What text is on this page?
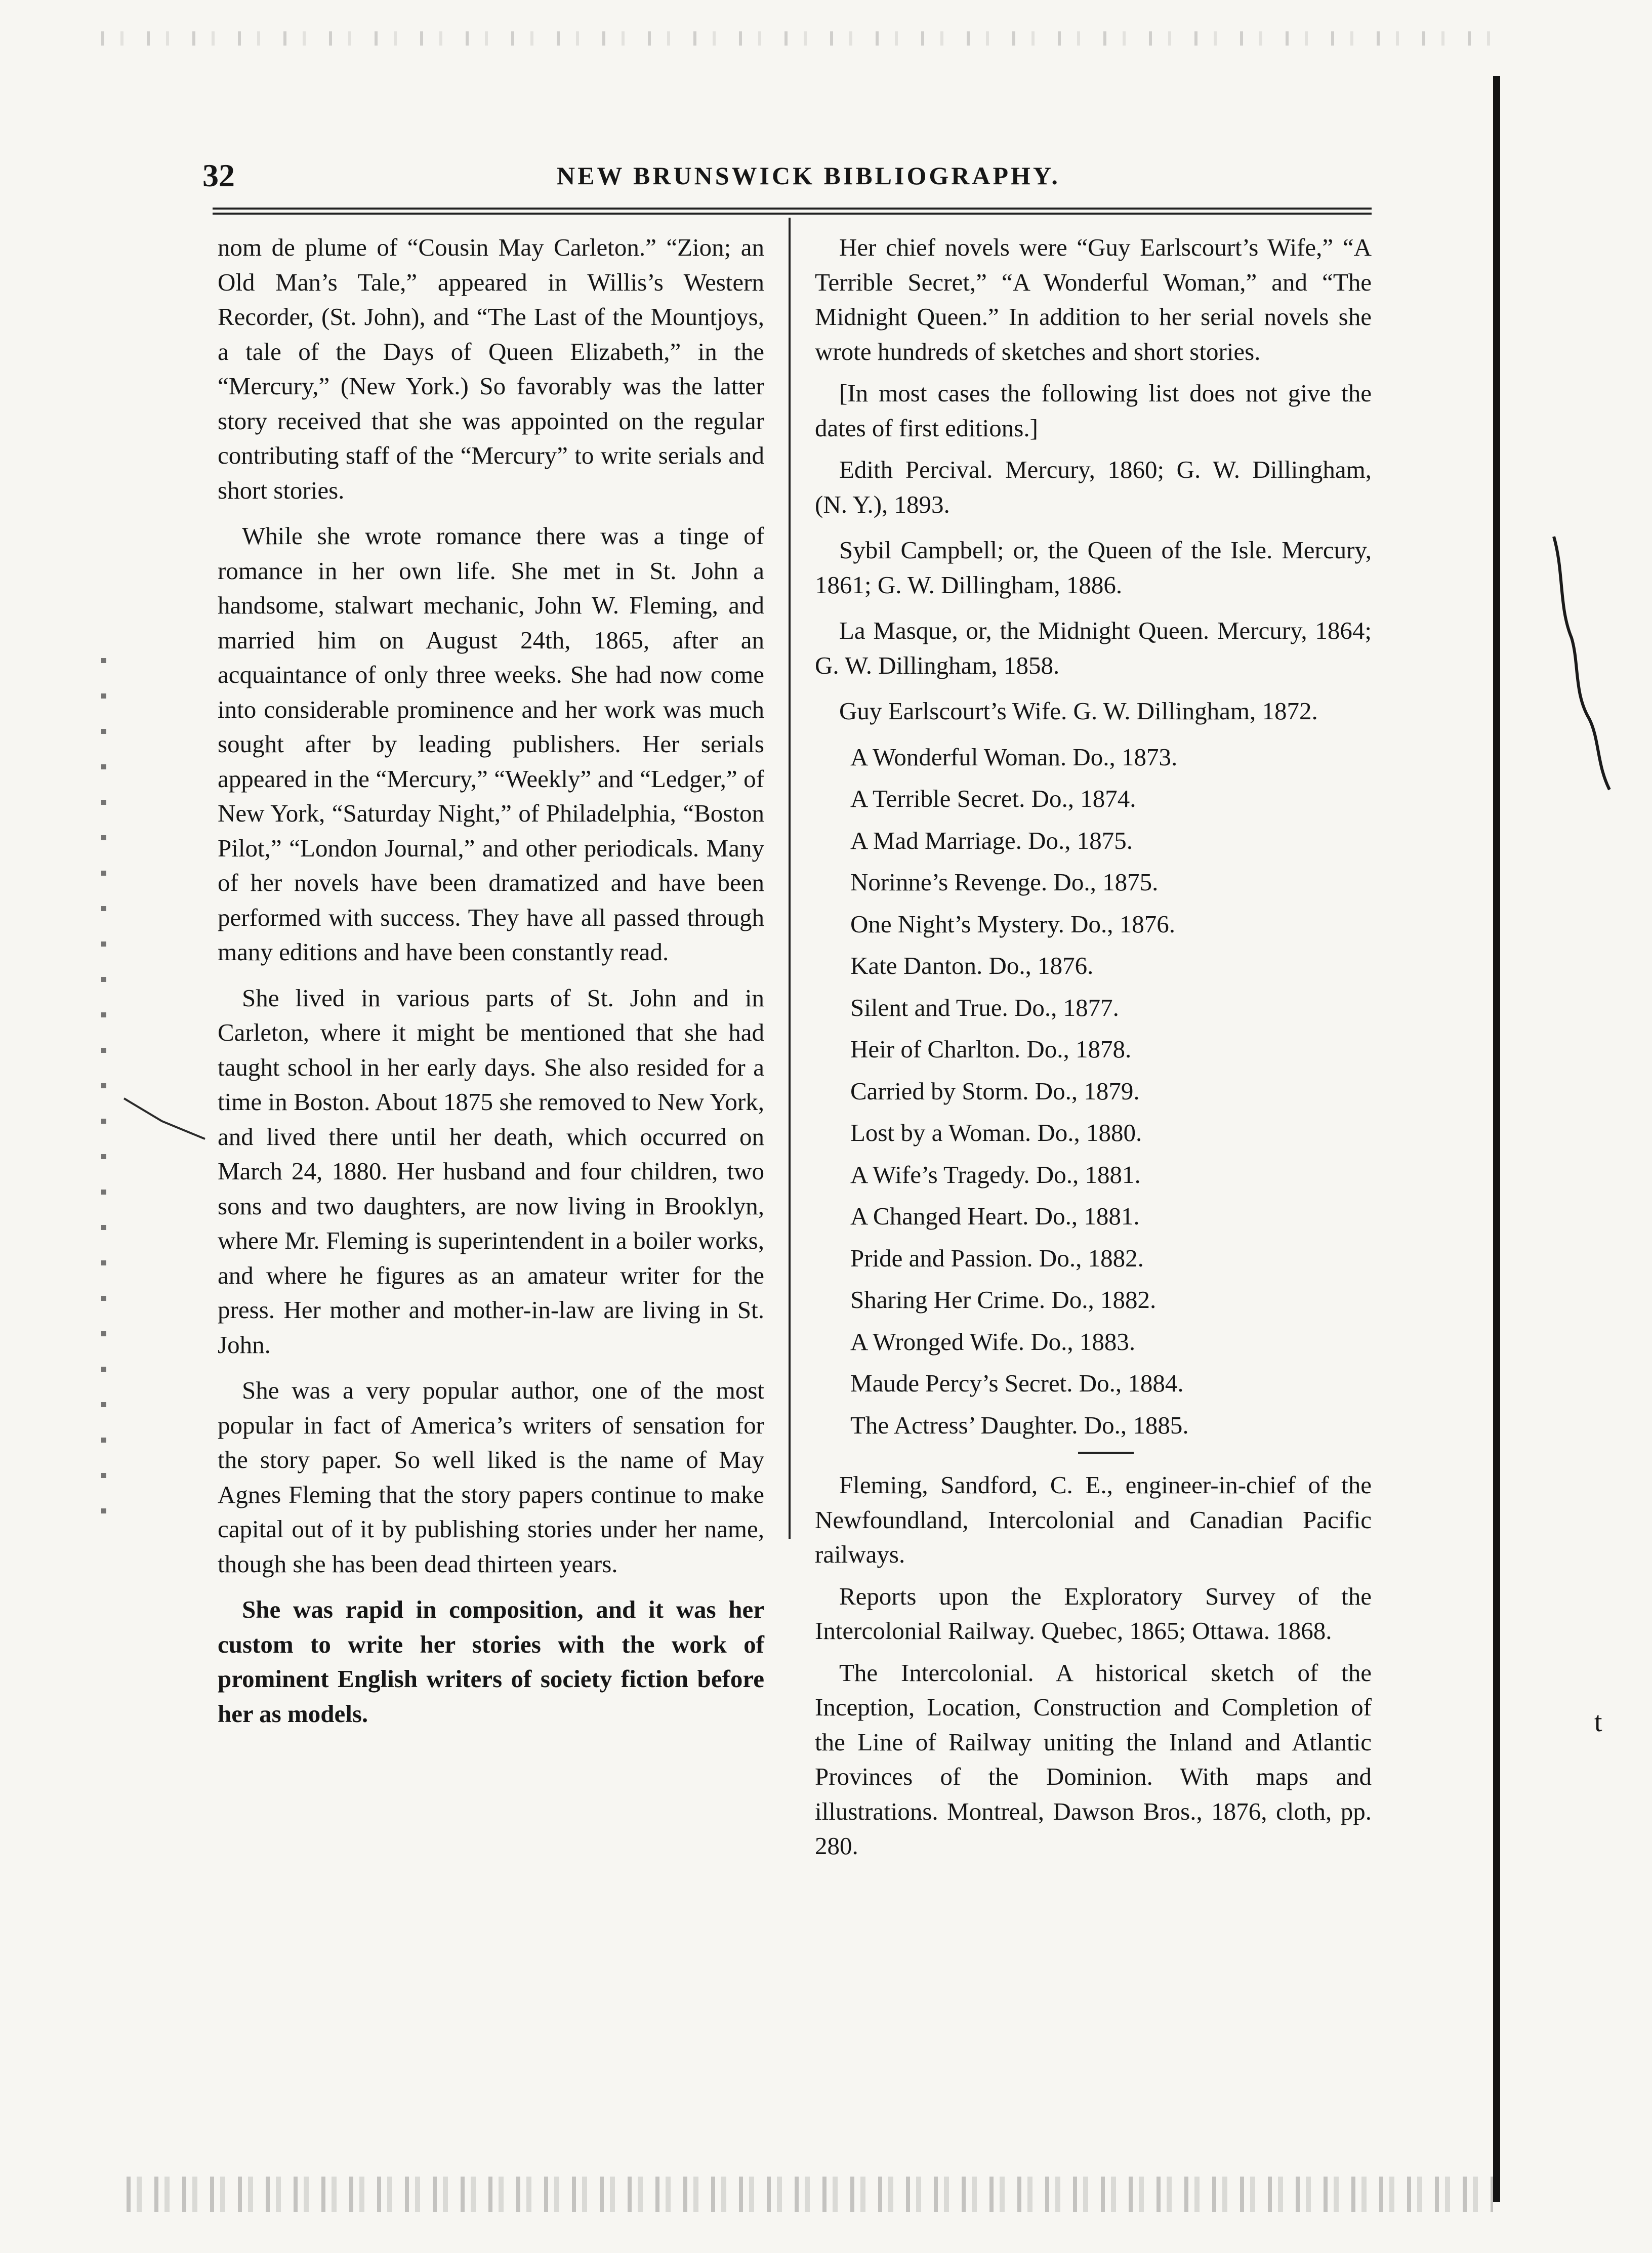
t
32	NEW BRUNSWICK BIBLIOGRAPHY.

nom de plume of “Cousin May Carleton.” “Zion; an Old Man’s Tale,” appeared in Willis’s Western Recorder, (St. John), and “The Last of the Mountjoys, a tale of the Days of Queen Elizabeth,” in the “Mercury,” (New York.) So favorably was the latter story received that she was appointed on the regular contributing staff of the “Mercury” to write serials and short stories.

While she wrote romance there was a tinge of romance in her own life. She met in St. John a handsome, stalwart mechanic, John W. Fleming, and married him on August 24th, 1865, after an acquaintance of only three weeks. She had now come into considerable prominence and her work was much sought after by leading publishers. Her serials appeared in the “Mercury,” “Weekly” and “Ledger,” of New York, “Saturday Night,” of Philadelphia, “Boston Pilot,” “London Journal,” and other periodicals. Many of her novels have been dramatized and have been performed with success. They have all passed through many editions and have been constantly read.

She lived in various parts of St. John and in Carleton, where it might be mentioned that she had taught school in her early days. She also resided for a time in Boston. About 1875 she removed to New York, and lived there until her death, which occurred on March 24, 1880. Her husband and four children, two sons and two daughters, are now living in Brooklyn, where Mr. Fleming is superintendent in a boiler works, and where he figures as an amateur writer for the press. Her mother and mother-in-law are living in St. John.

She was a very popular author, one of the most popular in fact of America’s writers of sensation for the story paper. So well liked is the name of May Agnes Fleming that the story papers continue to make capital out of it by publishing stories under her name, though she has been dead thirteen years.

She was rapid in composition, and it was her custom to write her stories with the work of prominent English writers of society fiction before her as models.

Her chief novels were “Guy Earlscourt’s Wife,” “A Terrible Secret,” “A Wonderful Woman,” and “The Midnight Queen.” In addition to her serial novels she wrote hundreds of sketches and short stories.

[In most cases the following list does not give the dates of first editions.]

Edith Percival. Mercury, 1860; G. W. Dillingham, (N. Y.), 1893.

Sybil Campbell; or, the Queen of the Isle. Mercury, 1861; G. W. Dillingham, 1886.

La Masque, or, the Midnight Queen. Mercury, 1864; G. W. Dillingham, 1858.

Guy Earlscourt’s Wife. G. W. Dillingham, 1872.

A Wonderful Woman. Do., 1873.
A Terrible Secret. Do., 1874.
A Mad Marriage. Do., 1875.
Norinne’s Revenge. Do., 1875.
One Night’s Mystery. Do., 1876.
Kate Danton. Do., 1876.
Silent and True. Do., 1877.
Heir of Charlton. Do., 1878.
Carried by Storm. Do., 1879.
Lost by a Woman. Do., 1880.
A Wife’s Tragedy. Do., 1881.
A Changed Heart. Do., 1881.
Pride and Passion. Do., 1882.
Sharing Her Crime. Do., 1882.
A Wronged Wife. Do., 1883.
Maude Percy’s Secret. Do., 1884.
The Actress’ Daughter. Do., 1885.

Fleming, Sandford, C. E., engineer-in-chief of the Newfoundland, Intercolonial and Canadian Pacific railways.

Reports upon the Exploratory Survey of the Intercolonial Railway. Quebec, 1865; Ottawa. 1868.

The Intercolonial. A historical sketch of the Inception, Location, Construction and Completion of the Line of Railway uniting the Inland and Atlantic Provinces of the Dominion. With maps and illustrations. Montreal, Dawson Bros., 1876, cloth, pp. 280.
